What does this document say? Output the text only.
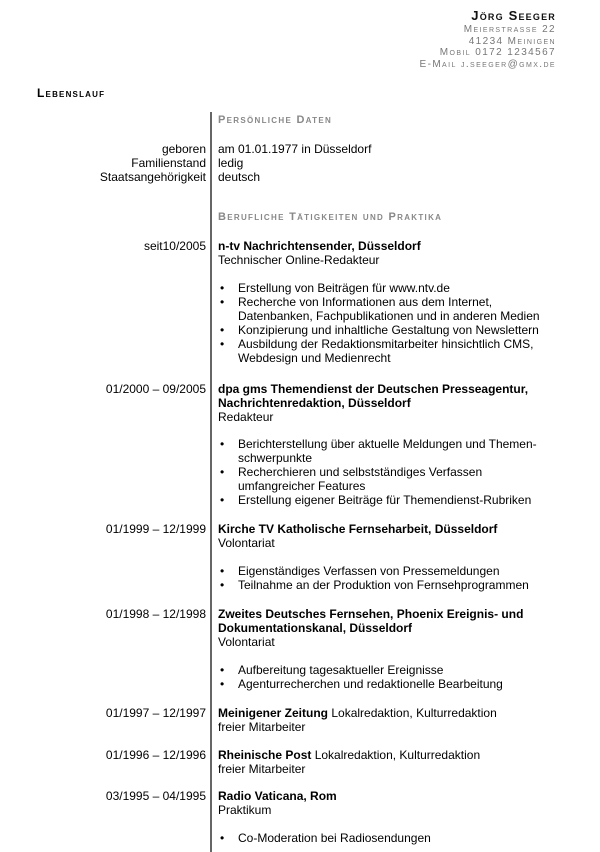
Jörg Seeger
Meierstrasse 22
41234 Meinigen
Mobil 0172 1234567
E-Mail j.seeger@gmx.de
Lebenslauf
Persönliche Daten
geboren am 01.01.1977 in Düsseldorf
Familienstand ledig
Staatsangehörigkeit deutsch
Berufliche Tätigkeiten und Praktika
seit10/2005 n-tv Nachrichtensender, Düsseldorf
Technischer Online-Redakteur
• Erstellung von Beiträgen für www.ntv.de
• Recherche von Informationen aus dem Internet, Datenbanken, Fachpublikationen und in anderen Medien
• Konzipierung und inhaltliche Gestaltung von Newslettern
• Ausbildung der Redaktionsmitarbeiter hinsichtlich CMS, Webdesign und Medienrecht
01/2000 – 09/2005 dpa gms Themendienst der Deutschen Presseagentur,
Nachrichtenredaktion, Düsseldorf
Redakteur
• Berichterstellung über aktuelle Meldungen und Themen-schwerpunkte
• Recherchieren und selbstständiges Verfassen umfangreicher Features
• Erstellung eigener Beiträge für Themendienst-Rubriken
01/1999 – 12/1999 Kirche TV Katholische Fernseharbeit, Düsseldorf
Volontariat
• Eigenständiges Verfassen von Pressemeldungen
• Teilnahme an der Produktion von Fernsehprogrammen
01/1998 – 12/1998 Zweites Deutsches Fernsehen, Phoenix Ereignis- und
Dokumentationskanal, Düsseldorf
Volontariat
• Aufbereitung tagesaktueller Ereignisse
• Agenturrecherchen und redaktionelle Bearbeitung
01/1997 – 12/1997 Meinigener Zeitung Lokalredaktion, Kulturredaktion
freier Mitarbeiter
01/1996 – 12/1996 Rheinische Post Lokalredaktion, Kulturredaktion
freier Mitarbeiter
03/1995 – 04/1995 Radio Vaticana, Rom
Praktikum
• Co-Moderation bei Radiosendungen
